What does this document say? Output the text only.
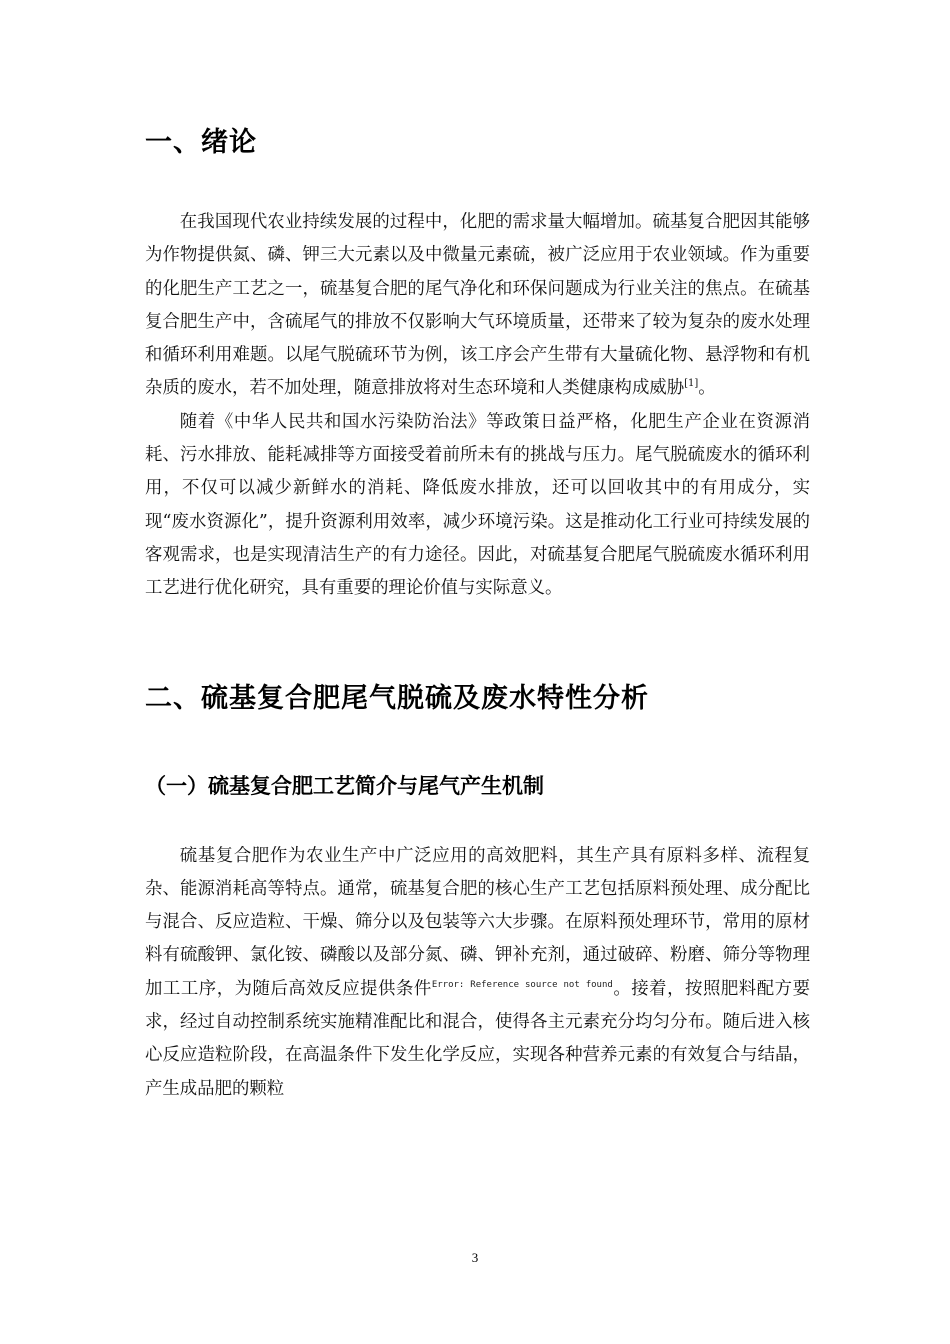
一、绪论

在我国现代农业持续发展的过程中，化肥的需求量大幅增加。硫基复合肥因其能够为作物提供氮、磷、钾三大元素以及中微量元素硫，被广泛应用于农业领域。作为重要的化肥生产工艺之一，硫基复合肥的尾气净化和环保问题成为行业关注的焦点。在硫基复合肥生产中，含硫尾气的排放不仅影响大气环境质量，还带来了较为复杂的废水处理和循环利用难题。以尾气脱硫环节为例，该工序会产生带有大量硫化物、悬浮物和有机杂质的废水，若不加处理，随意排放将对生态环境和人类健康构成威胁[1]。

随着《中华人民共和国水污染防治法》等政策日益严格，化肥生产企业在资源消耗、污水排放、能耗减排等方面接受着前所未有的挑战与压力。尾气脱硫废水的循环利用，不仅可以减少新鲜水的消耗、降低废水排放，还可以回收其中的有用成分，实现“废水资源化”，提升资源利用效率，减少环境污染。这是推动化工行业可持续发展的客观需求，也是实现清洁生产的有力途径。因此，对硫基复合肥尾气脱硫废水循环利用工艺进行优化研究，具有重要的理论价值与实际意义。

二、硫基复合肥尾气脱硫及废水特性分析
（一）硫基复合肥工艺简介与尾气产生机制

硫基复合肥作为农业生产中广泛应用的高效肥料，其生产具有原料多样、流程复杂、能源消耗高等特点。通常，硫基复合肥的核心生产工艺包括原料预处理、成分配比与混合、反应造粒、干燥、筛分以及包装等六大步骤。在原料预处理环节，常用的原材料有硫酸钾、氯化铵、磷酸以及部分氮、磷、钾补充剂，通过破碎、粉磨、筛分等物理加工工序，为随后高效反应提供条件$^{Error: Reference source not found}$。接着，按照肥料配方要求，经过自动控制系统实施精准配比和混合，使得各主元素充分均匀分布。随后进入核心反应造粒阶段，在高温条件下发生化学反应，实现各种营养元素的有效复合与结晶，产生成品肥的颗粒

3
